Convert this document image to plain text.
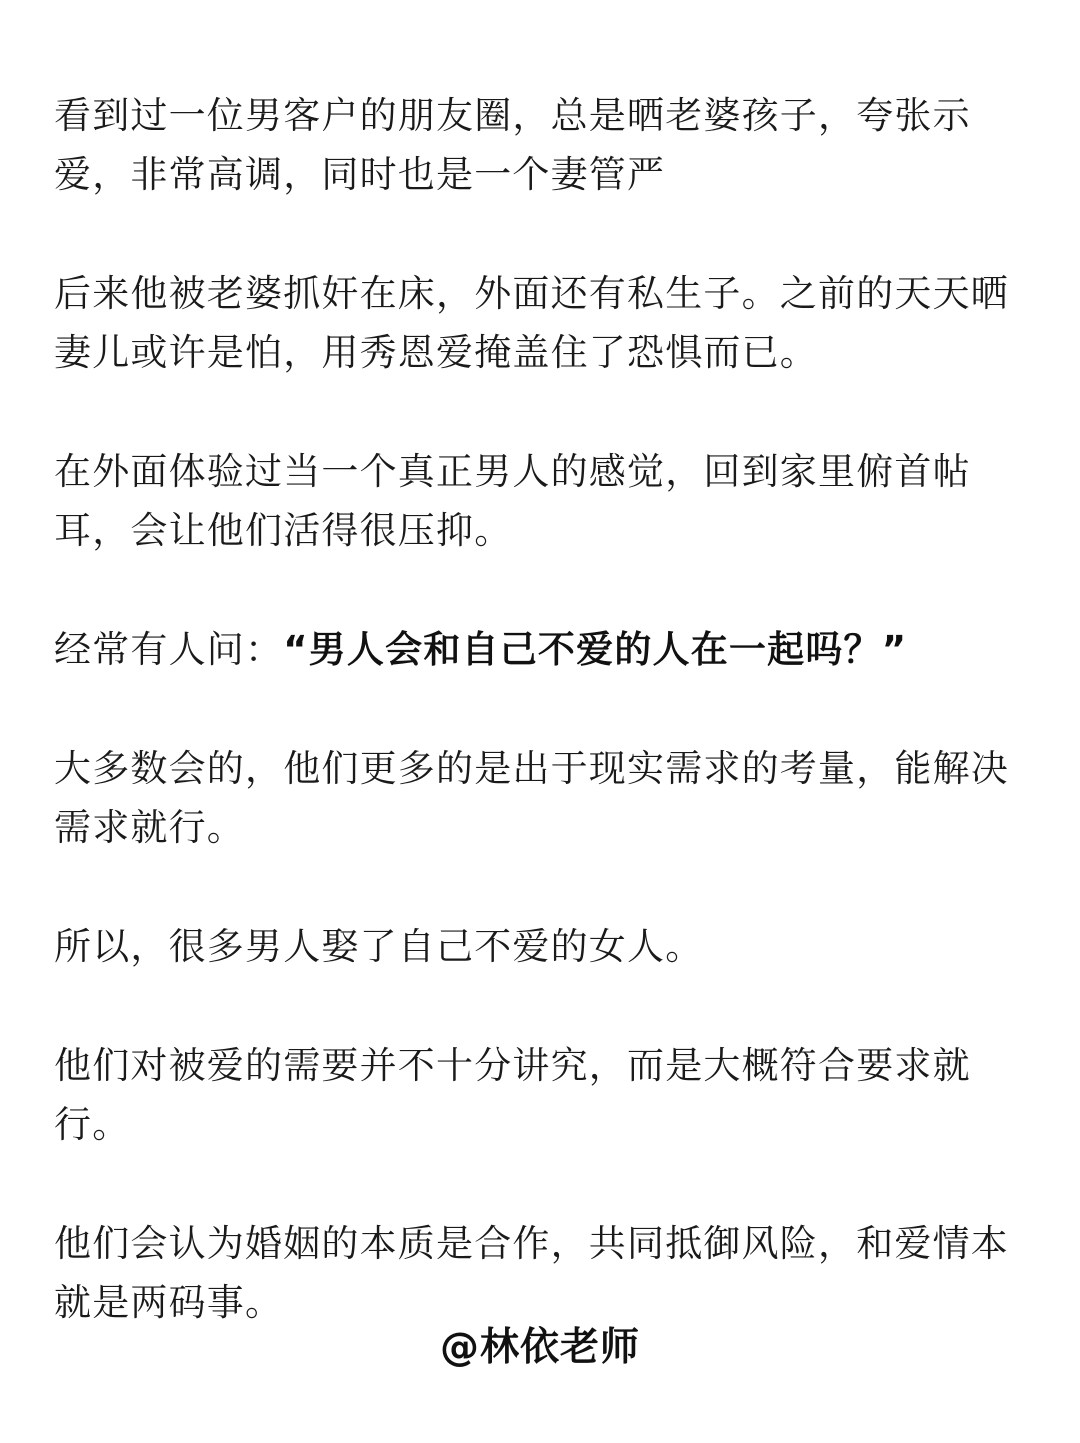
看到过一位男客户的朋友圈，总是晒老婆孩子，夸张示爱，非常高调，同时也是一个妻管严

后来他被老婆抓奸在床，外面还有私生子。之前的天天晒妻儿或许是怕，用秀恩爱掩盖住了恐惧而已。

在外面体验过当一个真正男人的感觉，回到家里俯首帖耳，会让他们活得很压抑。

经常有人问：“男人会和自己不爱的人在一起吗？”

大多数会的，他们更多的是出于现实需求的考量，能解决需求就行。

所以，很多男人娶了自己不爱的女人。

他们对被爱的需要并不十分讲究，而是大概符合要求就行。

他们会认为婚姻的本质是合作，共同抵御风险，和爱情本就是两码事。

@林依老师
